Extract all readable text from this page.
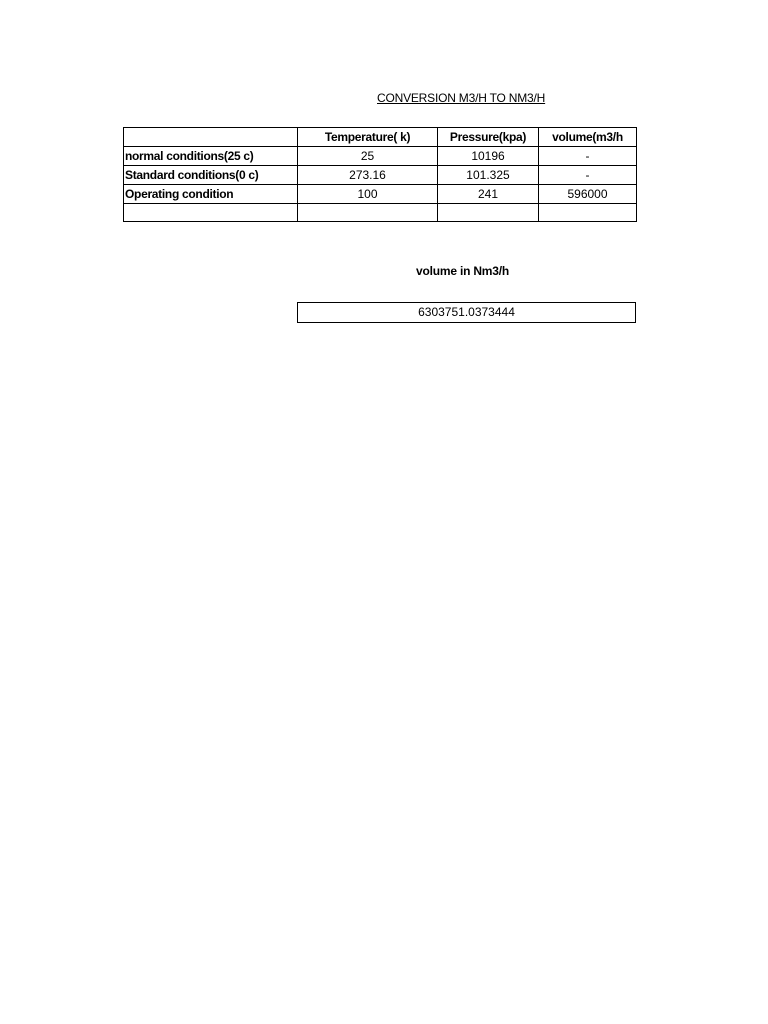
CONVERSION M3/H TO NM3/H
	Temperature( k)	Pressure(kpa)	volume(m3/h
normal conditions(25 c)	25	10196	-
Standard conditions(0 c)	273.16	101.325	-
Operating condition	100	241	596000

volume in Nm3/h
6303751.0373444
